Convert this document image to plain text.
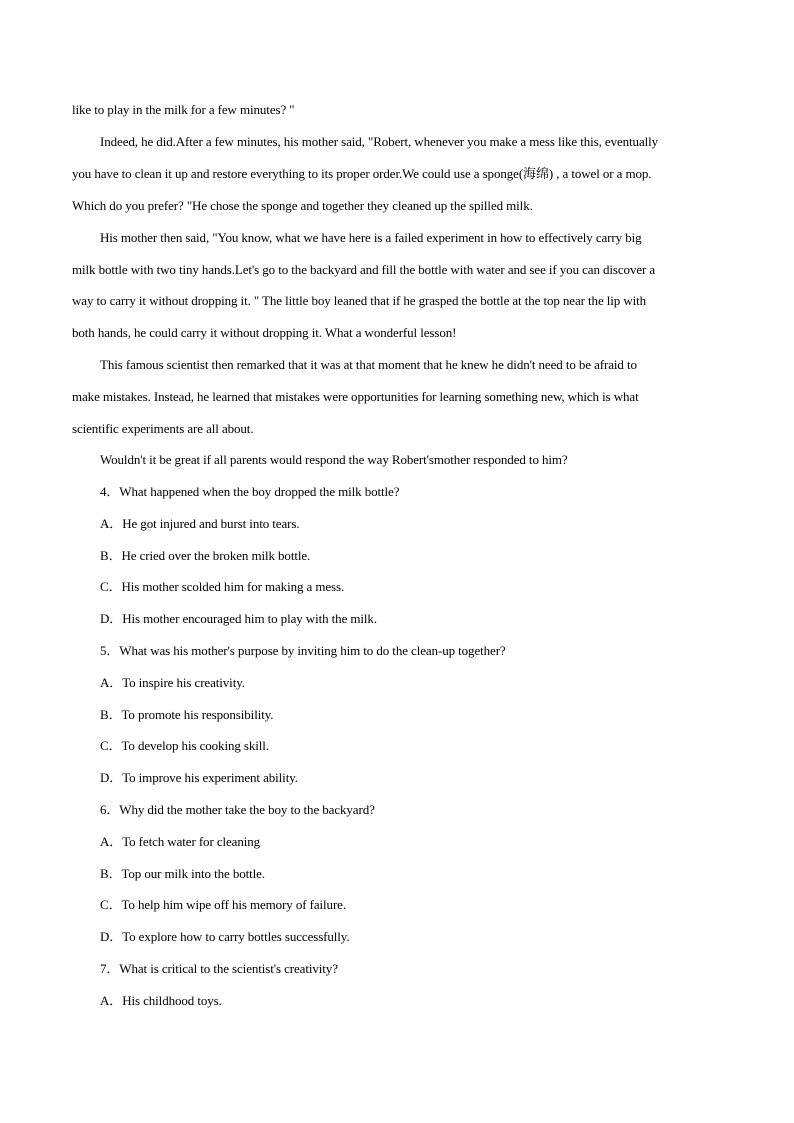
like to play in the milk for a few minutes? "
Indeed, he did.After a few minutes, his mother said, "Robert, whenever you make a mess like this, eventually
you have to clean it up and restore everything to its proper order.We could use a sponge(海绵) , a towel or a mop.
Which do you prefer? "He chose the sponge and together they cleaned up the spilled milk.
His mother then said, "You know, what we have here is a failed experiment in how to effectively carry big
milk bottle with two tiny hands.Let's go to the backyard and fill the bottle with water and see if you can discover a
way to carry it without dropping it. " The little boy leaned that if he grasped the bottle at the top near the lip with
both hands, he could carry it without dropping it. What a wonderful lesson!
This famous scientist then remarked that it was at that moment that he knew he didn't need to be afraid to
make mistakes. Instead, he learned that mistakes were opportunities for learning something new, which is what
scientific experiments are all about.
Wouldn't it be great if all parents would respond the way Robert'smother responded to him?
4．What happened when the boy dropped the milk bottle?
A．He got injured and burst into tears.
B．He cried over the broken milk bottle.
C．His mother scolded him for making a mess.
D．His mother encouraged him to play with the milk.
5．What was his mother's purpose by inviting him to do the clean-up together?
A．To inspire his creativity.
B．To promote his responsibility.
C．To develop his cooking skill.
D．To improve his experiment ability.
6．Why did the mother take the boy to the backyard?
A．To fetch water for cleaning
B．Top our milk into the bottle.
C．To help him wipe off his memory of failure.
D．To explore how to carry bottles successfully.
7．What is critical to the scientist's creativity?
A．His childhood toys.
